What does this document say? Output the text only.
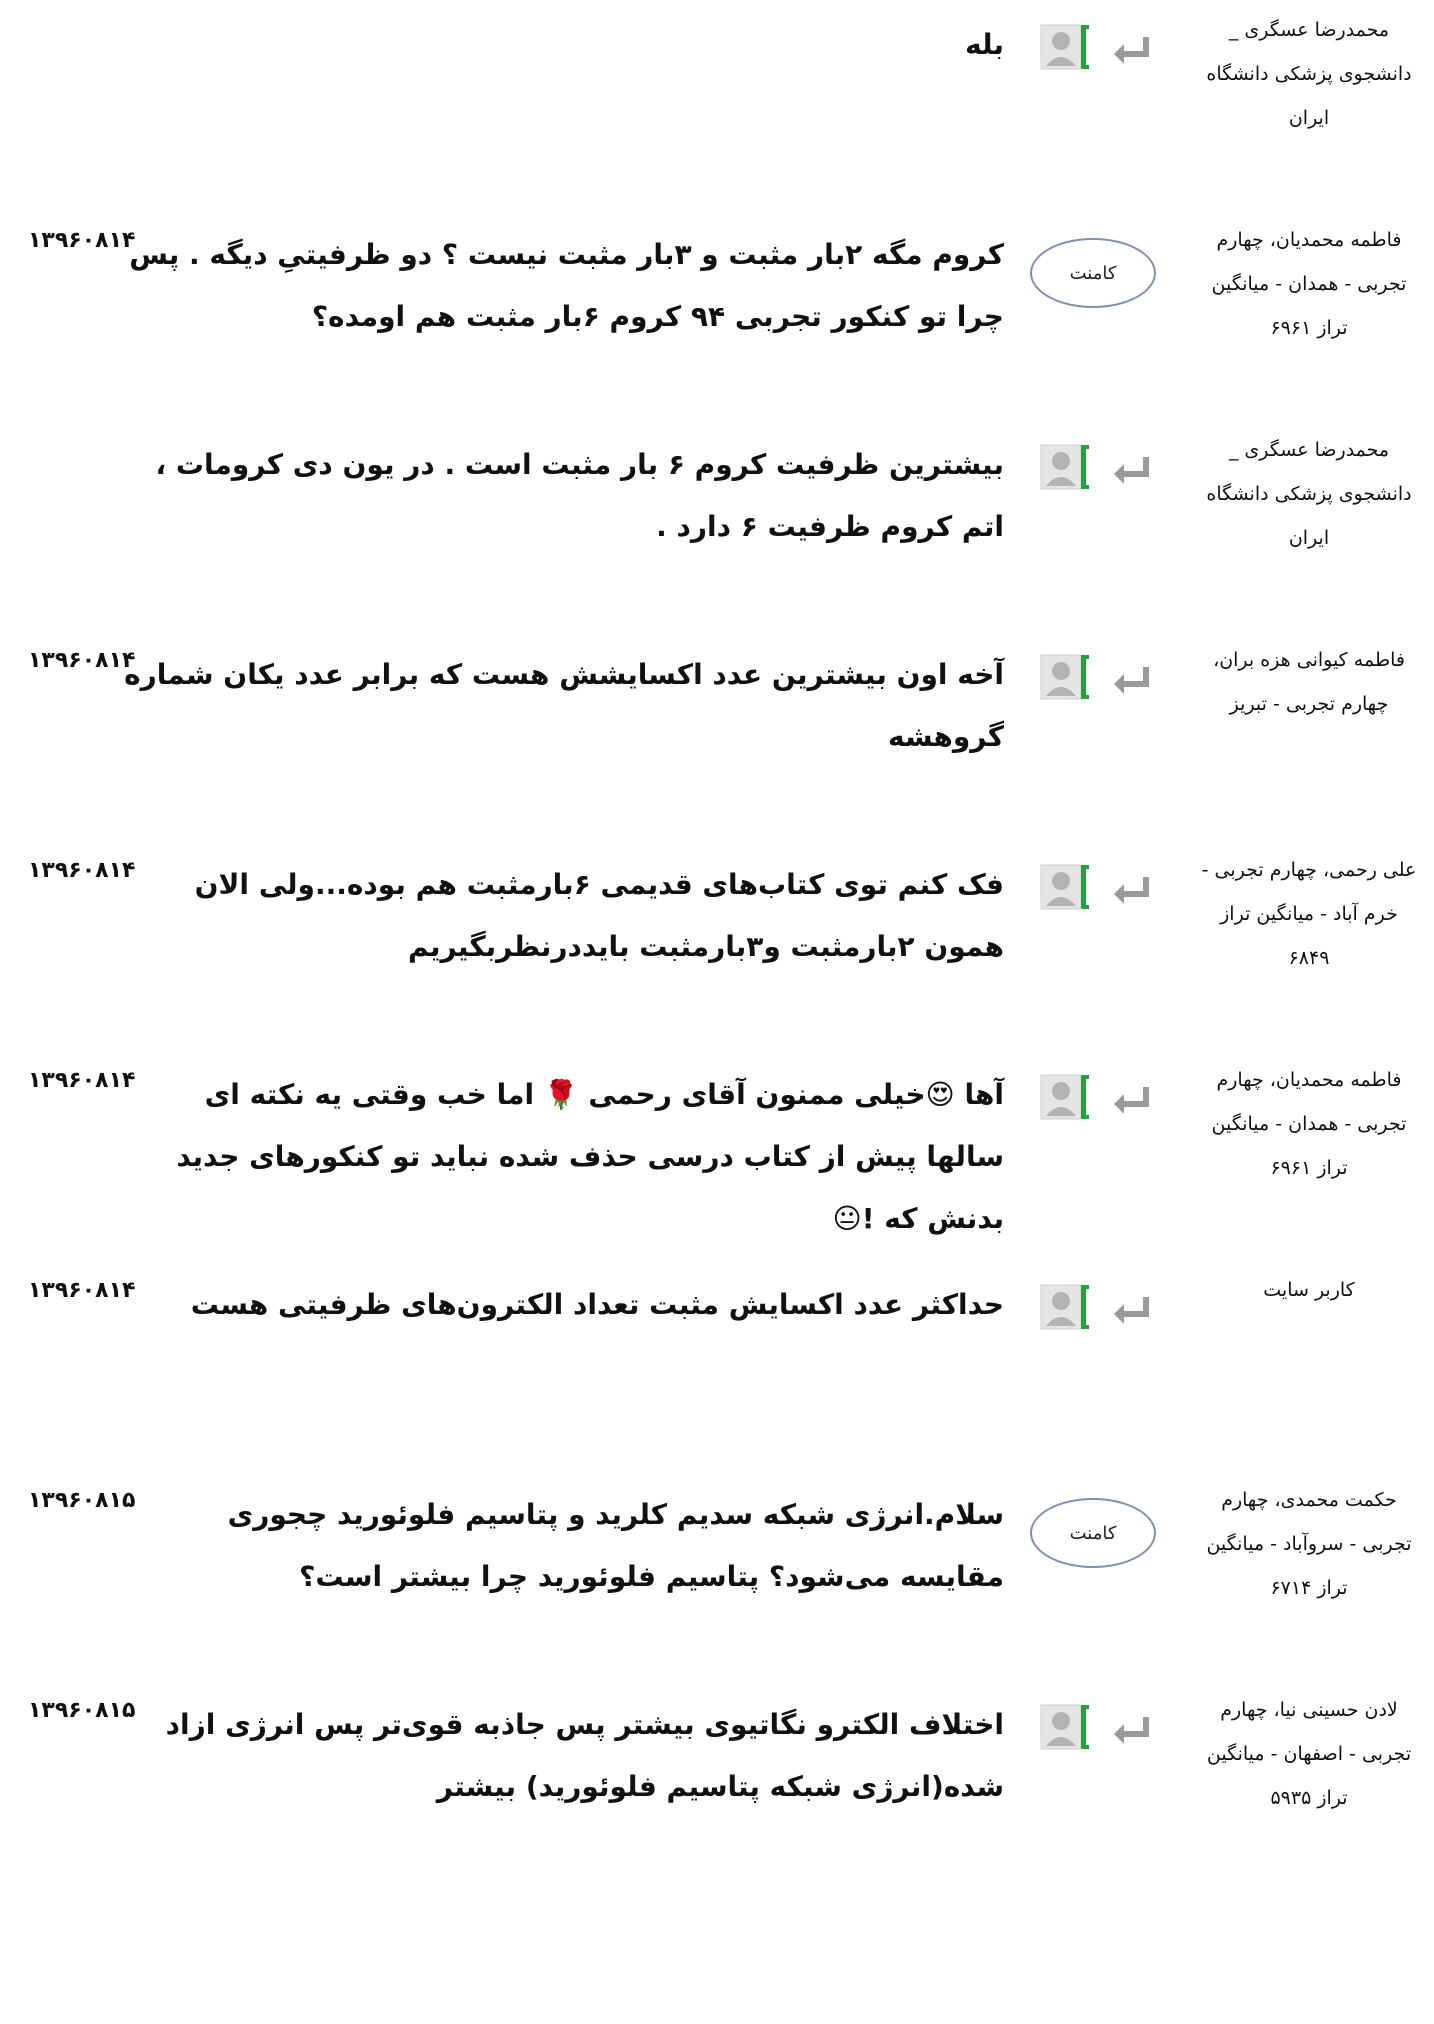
محمدرضا عسگری _
دانشجوی پزشکی دانشگاه
ایران
بله
فاطمه محمدیان، چهارم
تجربی - همدان - میانگین
تراز ۶۹۶۱
کامنت
کروم مگه ۲بار مثبت و ۳بار مثبت نیست ؟ دو ظرفیتیِ دیگه . پس چرا تو کنکور تجربی ۹۴ کروم ۶بار مثبت هم اومده؟
۱۳۹۶۰۸۱۴
محمدرضا عسگری _
دانشجوی پزشکی دانشگاه
ایران
بیشترین ظرفیت کروم ۶ بار مثبت است . در یون دی کرومات ، اتم کروم ظرفیت ۶ دارد .
فاطمه کیوانی هزه بران،
چهارم تجربی - تبریز
آخه اون بیشترین عدد اکسایشش هست که برابر عدد یکان شماره گروهشه
۱۳۹۶۰۸۱۴
علی رحمی، چهارم تجربی -
خرم آباد - میانگین تراز
۶۸۴۹
فک کنم توی کتاب‌های قدیمی ۶بارمثبت هم بوده...ولی الان همون ۲بارمثبت و۳بارمثبت بایددرنظربگیریم
۱۳۹۶۰۸۱۴
فاطمه محمدیان، چهارم
تجربی - همدان - میانگین
تراز ۶۹۶۱
آها 😍خیلی ممنون آقای رحمی 🌹 اما خب وقتی یه نکته ای سالها پیش از کتاب درسی حذف شده نباید تو کنکورهای جدید بدنش که !😐
۱۳۹۶۰۸۱۴
کاربر سایت
حداکثر عدد اکسایش مثبت تعداد الکترون‌های ظرفیتی هست
۱۳۹۶۰۸۱۴
حکمت محمدی، چهارم
تجربی - سروآباد - میانگین
تراز ۶۷۱۴
کامنت
سلام.انرژی شبکه سدیم کلرید و پتاسیم فلوئورید چجوری مقایسه می‌شود؟ پتاسیم فلوئورید چرا بیشتر است؟
۱۳۹۶۰۸۱۵
لادن حسینی نیا، چهارم
تجربی - اصفهان - میانگین
تراز ۵۹۳۵
اختلاف الکترو نگاتیوی بیشتر پس جاذبه قوی‌تر پس انرژی ازاد شده(انرژی شبکه پتاسیم فلوئورید) بیشتر
۱۳۹۶۰۸۱۵
